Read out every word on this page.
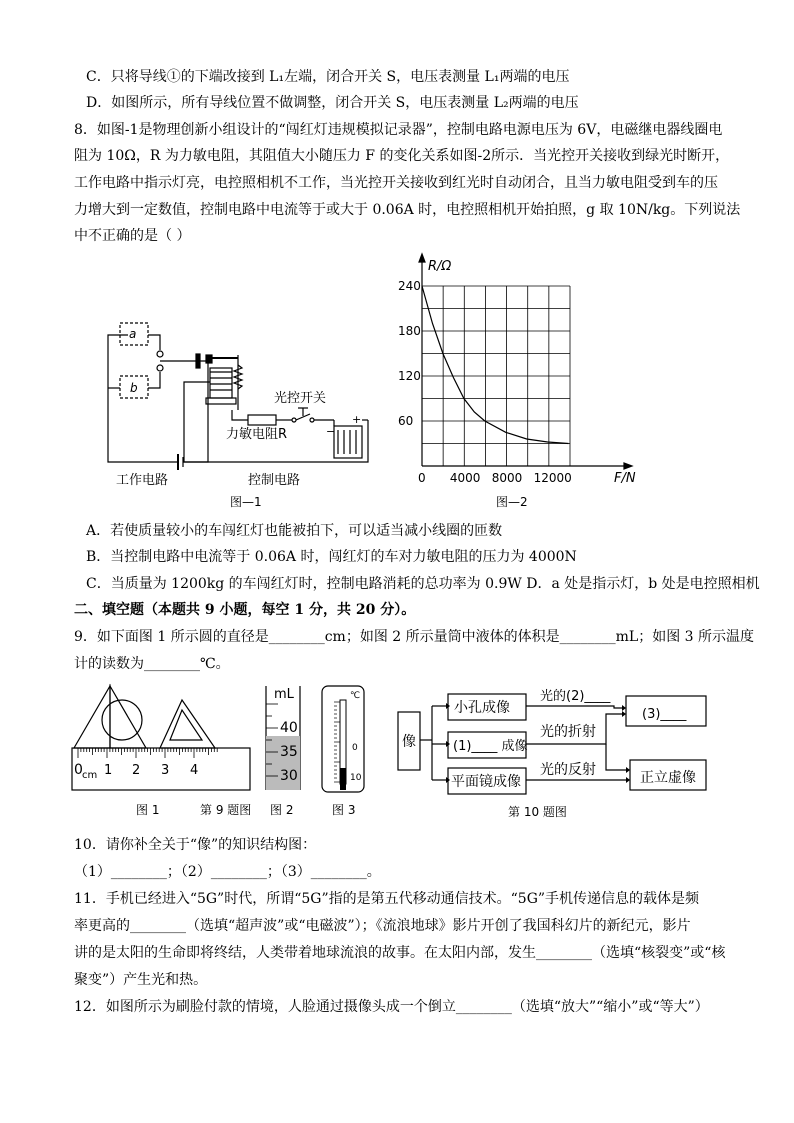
C．只将导线①的下端改接到 L₁左端，闭合开关 S，电压表测量 L₁两端的电压
D．如图所示，所有导线位置不做调整，闭合开关 S，电压表测量 L₂两端的电压
8．如图-1是物理创新小组设计的“闯红灯违规模拟记录器”，控制电路电源电压为 6V，电磁继电器线圈电
阻为 10Ω，R 为力敏电阻，其阻值大小随压力 F 的变化关系如图-2所示．当光控开关接收到绿光时断开，
工作电路中指示灯亮，电控照相机不工作，当光控开关接收到红光时自动闭合，且当力敏电阻受到车的压
力增大到一定数值，控制电路中电流等于或大于 0.06A 时，电控照相机开始拍照，g 取 10N/kg。下列说法
中不正确的是（ ）
a
b
光控开关
力敏电阻R	−
+
工作电路	控制电路
图—1
60
120
180
240
0 4000 8000 12000
R/Ω
F/N
图—2
A．若使质量较小的车闯红灯也能被拍下，可以适当减小线圈的匝数
B．当控制电路中电流等于 0.06A 时，闯红灯的车对力敏电阻的压力为 4000N
C．当质量为 1200kg 的车闯红灯时，控制电路消耗的总功率为 0.9W D．a 处是指示灯，b 处是电控照相机
二、填空题（本题共 9 小题，每空 1 分，共 20 分）。
9．如下面图 1 所示圆的直径是________cm；如图 2 所示量筒中液体的体积是________mL；如图 3 所示温度
计的读数为________℃。
0 cm 1 2 3 4
mL
40
35
30
℃
0
10
图 1	第 9 题图 图 2	图 3
像
小孔成像
(1)____ 成像
平面镜成像
光的(2)____
光的折射
光的反射
(3)____
正立虚像
第 10 题图
10．请你补全关于“像”的知识结构图：
（1）________；（2）________；（3）________。
11．手机已经进入“5G”时代，所谓“5G”指的是第五代移动通信技术。“5G”手机传递信息的载体是频
率更高的________（选填“超声波”或“电磁波”）；《流浪地球》影片开创了我国科幻片的新纪元，影片
讲的是太阳的生命即将终结，人类带着地球流浪的故事。在太阳内部，发生________（选填“核裂变”或“核
聚变”）产生光和热。
12．如图所示为刷脸付款的情境，人脸通过摄像头成一个倒立________（选填“放大”“缩小”或“等大”）
